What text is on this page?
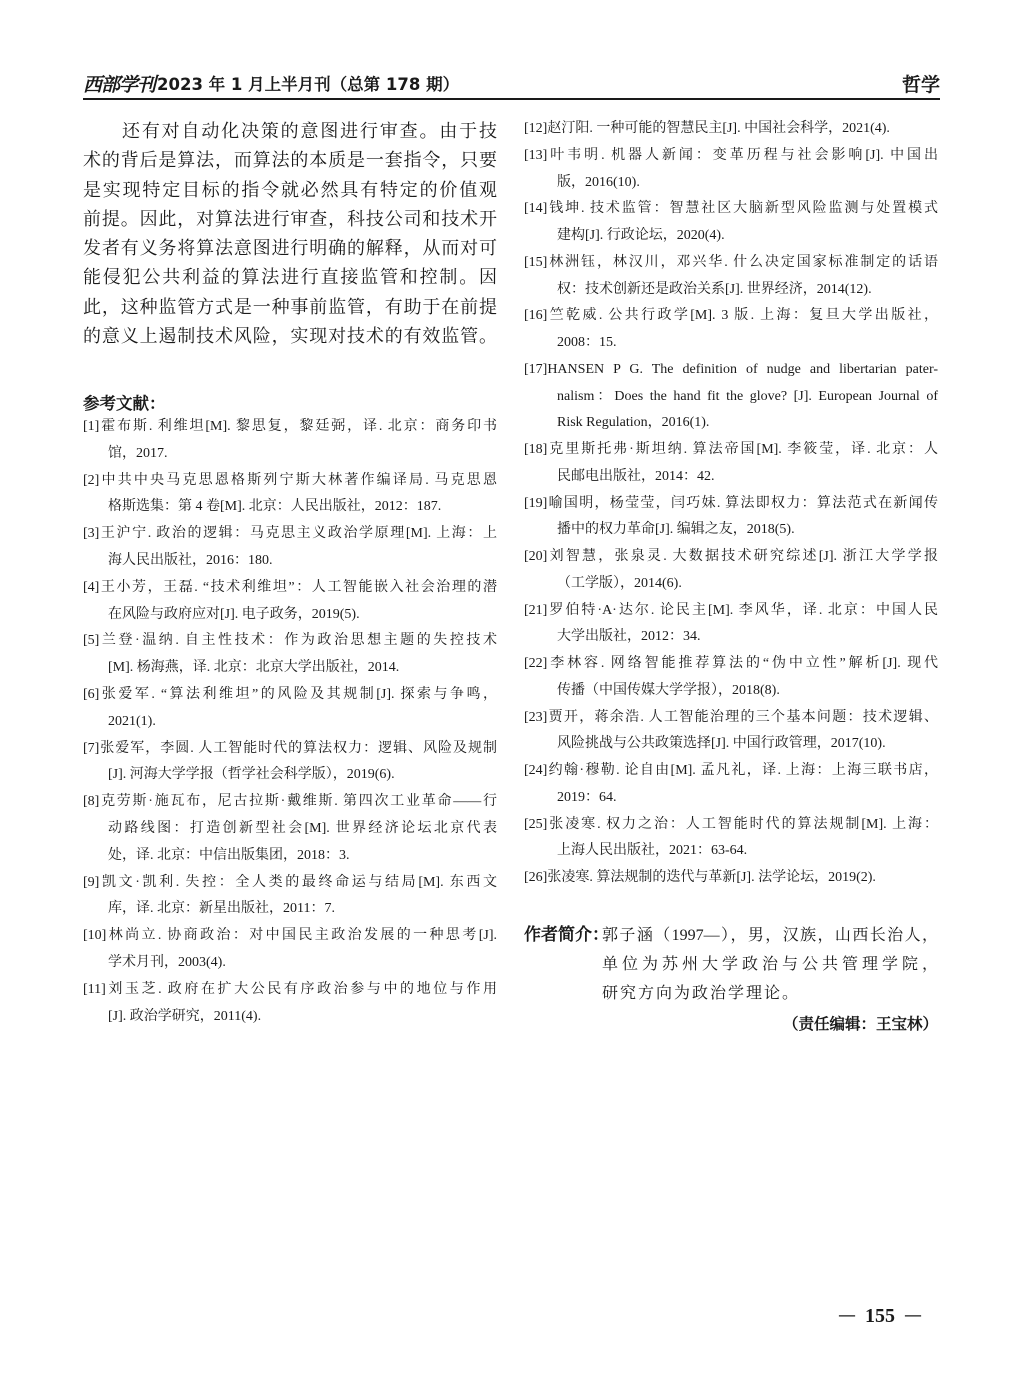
西部学刊 2023 年 1 月上半月刊（总第 178 期）	哲学
还有对自动化决策的意图进行审查。由于技
术的背后是算法，而算法的本质是一套指令，只要
是实现特定目标的指令就必然具有特定的价值观
前提。因此，对算法进行审查，科技公司和技术开
发者有义务将算法意图进行明确的解释，从而对可
能侵犯公共利益的算法进行直接监管和控制。因
此，这种监管方式是一种事前监管，有助于在前提
的意义上遏制技术风险，实现对技术的有效监管。
参考文献：
[1]霍布斯. 利维坦[M]. 黎思复，黎廷弼，译. 北京：商务印书
馆，2017.
[2]中共中央马克思恩格斯列宁斯大林著作编译局. 马克思恩
格斯选集：第 4 卷[M]. 北京：人民出版社，2012：187.
[3]王沪宁. 政治的逻辑：马克思主义政治学原理[M]. 上海：上
海人民出版社，2016：180.
[4]王小芳，王磊. “技术利维坦”：人工智能嵌入社会治理的潜
在风险与政府应对[J]. 电子政务，2019(5).
[5]兰登·温纳. 自主性技术：作为政治思想主题的失控技术
[M]. 杨海燕，译. 北京：北京大学出版社，2014.
[6]张爱军. “算法利维坦”的风险及其规制[J]. 探索与争鸣，
2021(1).
[7]张爱军，李圆. 人工智能时代的算法权力：逻辑、风险及规制
[J]. 河海大学学报（哲学社会科学版），2019(6).
[8]克劳斯·施瓦布，尼古拉斯·戴维斯. 第四次工业革命——行
动路线图：打造创新型社会[M]. 世界经济论坛北京代表
处，译. 北京：中信出版集团，2018：3.
[9]凯文·凯利. 失控：全人类的最终命运与结局[M]. 东西文
库，译. 北京：新星出版社，2011：7.
[10]林尚立. 协商政治：对中国民主政治发展的一种思考[J].
学术月刊，2003(4).
[11]刘玉芝. 政府在扩大公民有序政治参与中的地位与作用
[J]. 政治学研究，2011(4).
[12]赵汀阳. 一种可能的智慧民主[J]. 中国社会科学，2021(4).
[13]叶韦明. 机器人新闻：变革历程与社会影响[J]. 中国出
版，2016(10).
[14]钱坤. 技术监管：智慧社区大脑新型风险监测与处置模式
建构[J]. 行政论坛，2020(4).
[15]林洲钰，林汉川，邓兴华. 什么决定国家标准制定的话语
权：技术创新还是政治关系[J]. 世界经济，2014(12).
[16]竺乾威. 公共行政学[M]. 3 版. 上海：复旦大学出版社，
2008：15.
[17]HANSEN P G. The definition of nudge and libertarian pater-
nalism：Does the hand fit the glove? [J]. European Journal of
Risk Regulation，2016(1).
[18]克里斯托弗·斯坦纳. 算法帝国[M]. 李筱莹，译. 北京：人
民邮电出版社，2014：42.
[19]喻国明，杨莹莹，闫巧妹. 算法即权力：算法范式在新闻传
播中的权力革命[J]. 编辑之友，2018(5).
[20]刘智慧，张泉灵. 大数据技术研究综述[J]. 浙江大学学报
（工学版），2014(6).
[21]罗伯特·A·达尔. 论民主[M]. 李风华，译. 北京：中国人民
大学出版社，2012：34.
[22]李林容. 网络智能推荐算法的“伪中立性”解析[J]. 现代
传播（中国传媒大学学报），2018(8).
[23]贾开，蒋余浩. 人工智能治理的三个基本问题：技术逻辑、
风险挑战与公共政策选择[J]. 中国行政管理，2017(10).
[24]约翰·穆勒. 论自由[M]. 孟凡礼，译. 上海：上海三联书店，
2019：64.
[25]张凌寒. 权力之治：人工智能时代的算法规制[M]. 上海：
上海人民出版社，2021：63-64.
[26]张凌寒. 算法规制的迭代与革新[J]. 法学论坛，2019(2).
作者简介：
郭子涵（1997—），男，汉族，山西长治人，
单位为苏州大学政治与公共管理学院，
研究方向为政治学理论。
（责任编辑：王宝林）
— 155 —
